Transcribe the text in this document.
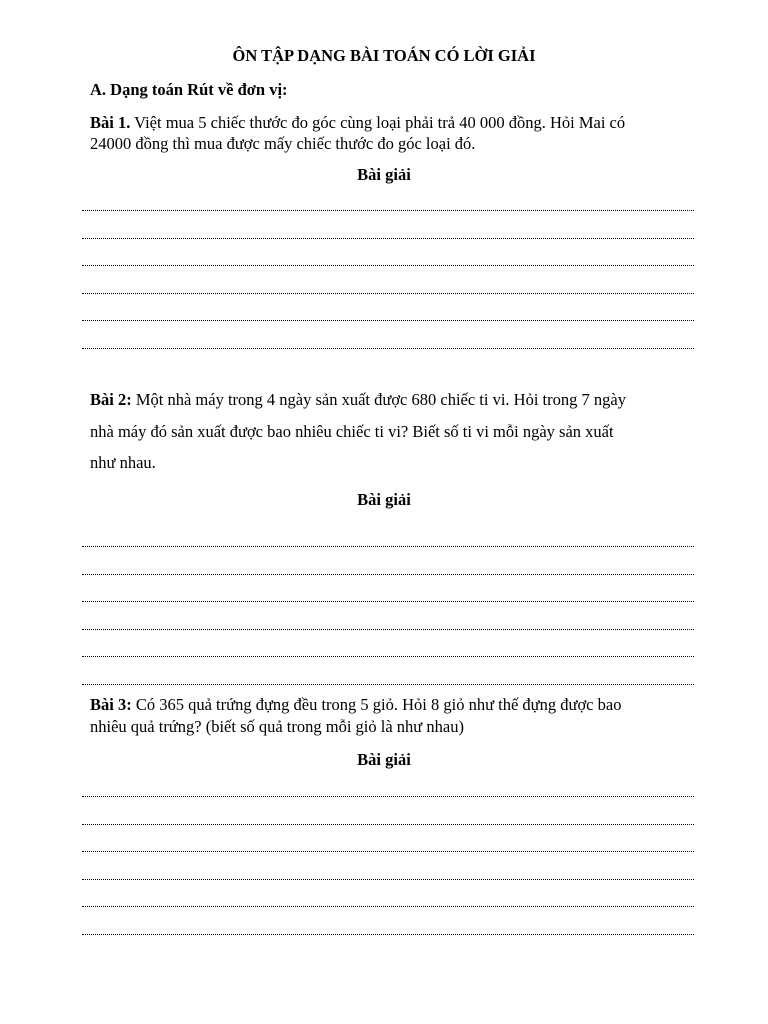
ÔN TẬP DẠNG BÀI TOÁN CÓ LỜI GIẢI
A. Dạng toán Rút về đơn vị:
Bài 1. Việt mua 5 chiếc thước đo góc cùng loại phải trả 40 000 đồng. Hỏi Mai có
24000 đồng thì mua được mấy chiếc thước đo góc loại đó.
Bài giải
Bài 2: Một nhà máy trong 4 ngày sản xuất được 680 chiếc ti vi. Hỏi trong 7 ngày
nhà máy đó sản xuất được bao nhiêu chiếc ti vi? Biết số ti vi mỗi ngày sản xuất
như nhau.
Bài giải
Bài 3: Có 365 quả trứng đựng đều trong 5 giỏ. Hỏi 8 giỏ như thế đựng được bao
nhiêu quả trứng? (biết số quả trong mỗi giỏ là như nhau)
Bài giải
